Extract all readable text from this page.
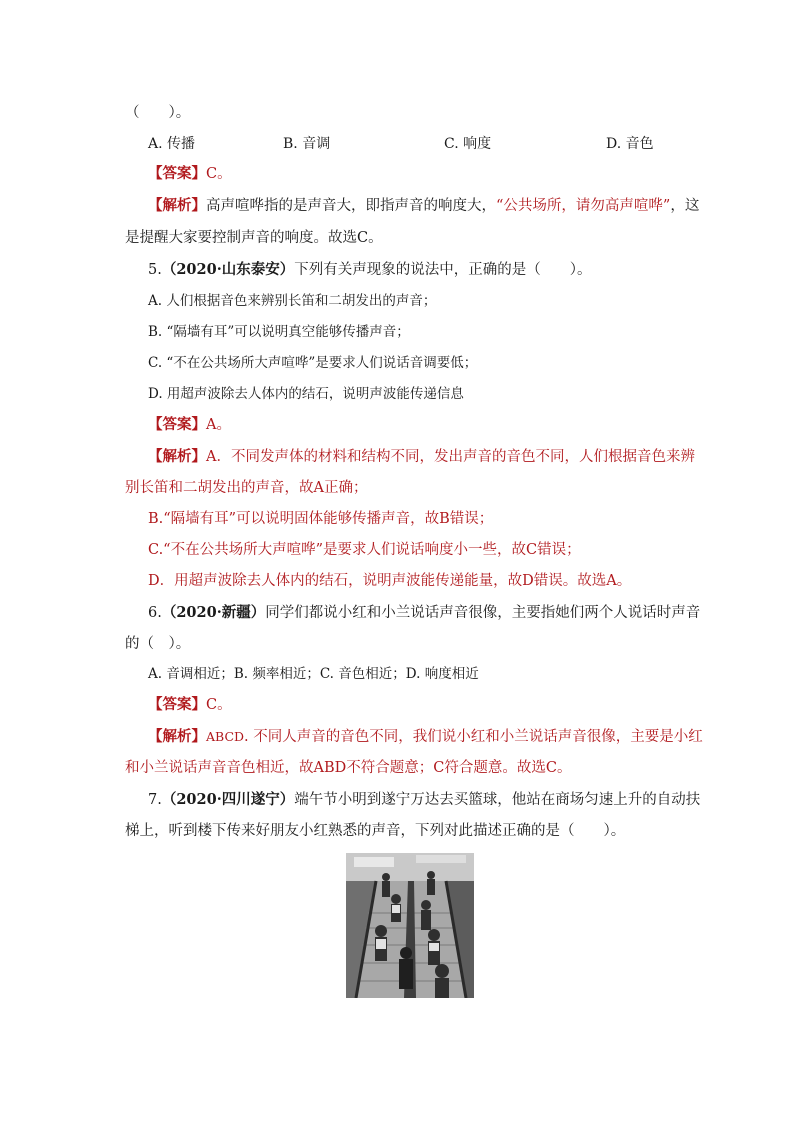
（　　）。
A. 传播	B. 音调	C. 响度	D. 音色
【答案】C。
【解析】高声喧哗指的是声音大，即指声音的响度大，“公共场所，请勿高声喧哗”，这
是提醒大家要控制声音的响度。故选C。
5.（2020·山东泰安）下列有关声现象的说法中，正确的是（　　）。
A. 人们根据音色来辨别长笛和二胡发出的声音；
B. “隔墙有耳”可以说明真空能够传播声音；
C. “不在公共场所大声喧哗”是要求人们说话音调要低；
D. 用超声波除去人体内的结石，说明声波能传递信息
【答案】A。
【解析】A．不同发声体的材料和结构不同，发出声音的音色不同，人们根据音色来辨
别长笛和二胡发出的声音，故A正确；
B.“隔墙有耳”可以说明固体能够传播声音，故B错误；
C.“不在公共场所大声喧哗”是要求人们说话响度小一些，故C错误；
D．用超声波除去人体内的结石，说明声波能传递能量，故D错误。故选A。
6.（2020·新疆）同学们都说小红和小兰说话声音很像，主要指她们两个人说话时声音
的（　）。
A. 音调相近；B. 频率相近；C. 音色相近；D. 响度相近
【答案】C。
【解析】ABCD. 不同人声音的音色不同，我们说小红和小兰说话声音很像，主要是小红
和小兰说话声音音色相近，故ABD不符合题意；C符合题意。故选C。
7.（2020·四川遂宁）端午节小明到遂宁万达去买篮球，他站在商场匀速上升的自动扶
梯上，听到楼下传来好朋友小红熟悉的声音，下列对此描述正确的是（　　）。
